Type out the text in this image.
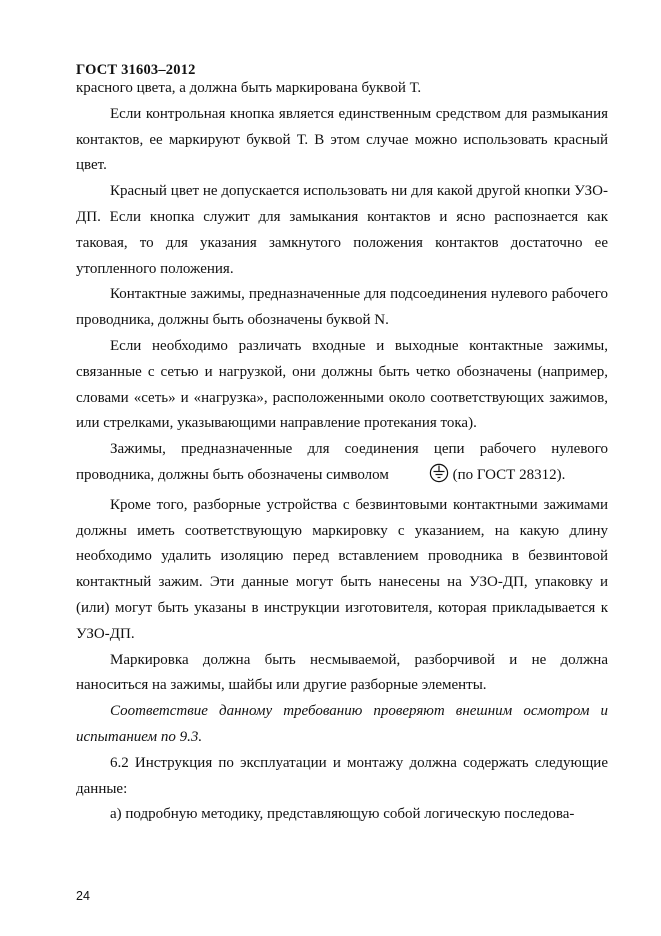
ГОСТ 31603–2012

красного цвета, а должна быть маркирована буквой Т.

Если контрольная кнопка является единственным средством для размыкания контактов, ее маркируют буквой Т. В этом случае можно использовать красный цвет.

Красный цвет не допускается использовать ни для какой другой кнопки УЗО-ДП. Если кнопка служит для замыкания контактов и ясно распознается как таковая, то для указания замкнутого положения контактов достаточно ее утопленного положения.

Контактные зажимы, предназначенные для подсоединения нулевого рабочего проводника, должны быть обозначены буквой N.

Если необходимо различать входные и выходные контактные зажимы, связанные с сетью и нагрузкой, они должны быть четко обозначены (например, словами «сеть» и «нагрузка», расположенными около соответствующих зажимов, или стрелками, указывающими направление протекания тока).

Зажимы, предназначенные для соединения цепи рабочего нулевого проводника, должны быть обозначены символом	(по ГОСТ 28312).

Кроме того, разборные устройства с безвинтовыми контактными зажимами должны иметь соответствующую маркировку с указанием, на какую длину необходимо удалить изоляцию перед вставлением проводника в безвинтовой контактный зажим. Эти данные могут быть нанесены на УЗО-ДП, упаковку и (или) могут быть указаны в инструкции изготовителя, которая прикладывается к УЗО-ДП.

Маркировка должна быть несмываемой, разборчивой и не должна наноситься на зажимы, шайбы или другие разборные элементы.

Соответствие данному требованию проверяют внешним осмотром и испытанием по 9.3.

6.2 Инструкция по эксплуатации и монтажу должна содержать следующие данные:

а) подробную методику, представляющую собой логическую последова-

24
